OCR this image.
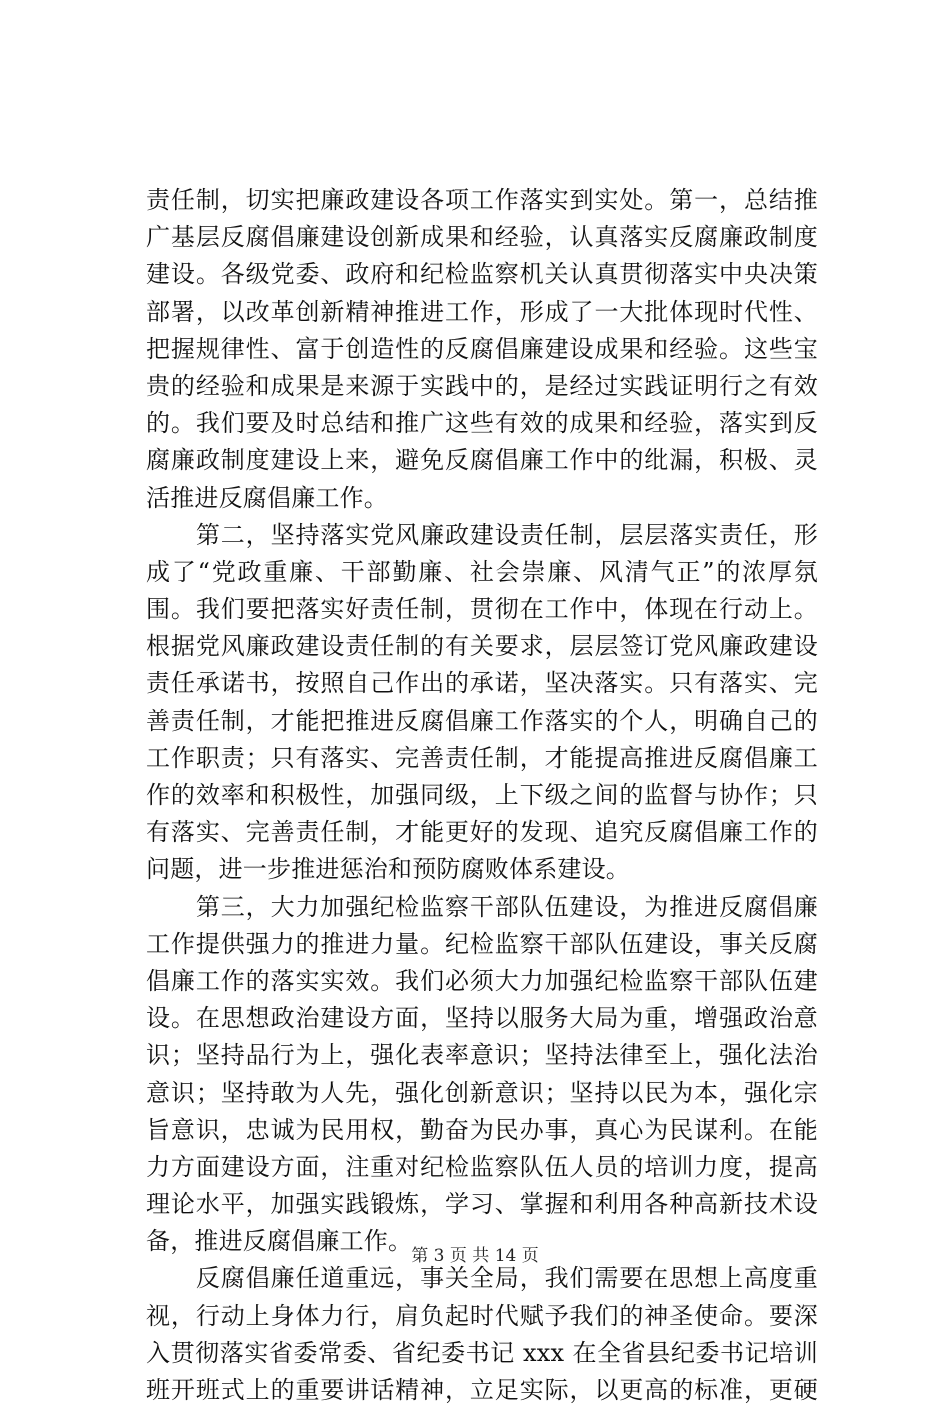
责任制，切实把廉政建设各项工作落实到实处。第一，总结推
广基层反腐倡廉建设创新成果和经验，认真落实反腐廉政制度
建设。各级党委、政府和纪检监察机关认真贯彻落实中央决策
部署，以改革创新精神推进工作，形成了一大批体现时代性、
把握规律性、富于创造性的反腐倡廉建设成果和经验。这些宝
贵的经验和成果是来源于实践中的，是经过实践证明行之有效
的。我们要及时总结和推广这些有效的成果和经验，落实到反
腐廉政制度建设上来，避免反腐倡廉工作中的纰漏，积极、灵
活推进反腐倡廉工作。
　　第二，坚持落实党风廉政建设责任制，层层落实责任，形
成了“党政重廉、干部勤廉、社会崇廉、风清气正”的浓厚氛
围。我们要把落实好责任制，贯彻在工作中，体现在行动上。
根据党风廉政建设责任制的有关要求，层层签订党风廉政建设
责任承诺书，按照自己作出的承诺，坚决落实。只有落实、完
善责任制，才能把推进反腐倡廉工作落实的个人，明确自己的
工作职责；只有落实、完善责任制，才能提高推进反腐倡廉工
作的效率和积极性，加强同级，上下级之间的监督与协作；只
有落实、完善责任制，才能更好的发现、追究反腐倡廉工作的
问题，进一步推进惩治和预防腐败体系建设。
　　第三，大力加强纪检监察干部队伍建设，为推进反腐倡廉
工作提供强力的推进力量。纪检监察干部队伍建设，事关反腐
倡廉工作的落实实效。我们必须大力加强纪检监察干部队伍建
设。在思想政治建设方面，坚持以服务大局为重，增强政治意
识；坚持品行为上，强化表率意识；坚持法律至上，强化法治
意识；坚持敢为人先，强化创新意识；坚持以民为本，强化宗
旨意识，忠诚为民用权，勤奋为民办事，真心为民谋利。在能
力方面建设方面，注重对纪检监察队伍人员的培训力度，提高
理论水平，加强实践锻炼，学习、掌握和利用各种高新技术设
备，推进反腐倡廉工作。
　　反腐倡廉任道重远，事关全局，我们需要在思想上高度重
视，行动上身体力行，肩负起时代赋予我们的神圣使命。要深
入贯彻落实省委常委、省纪委书记 xxx 在全省县纪委书记培训
班开班式上的重要讲话精神，立足实际，以更高的标准，更硬
第 3 页 共 14 页
